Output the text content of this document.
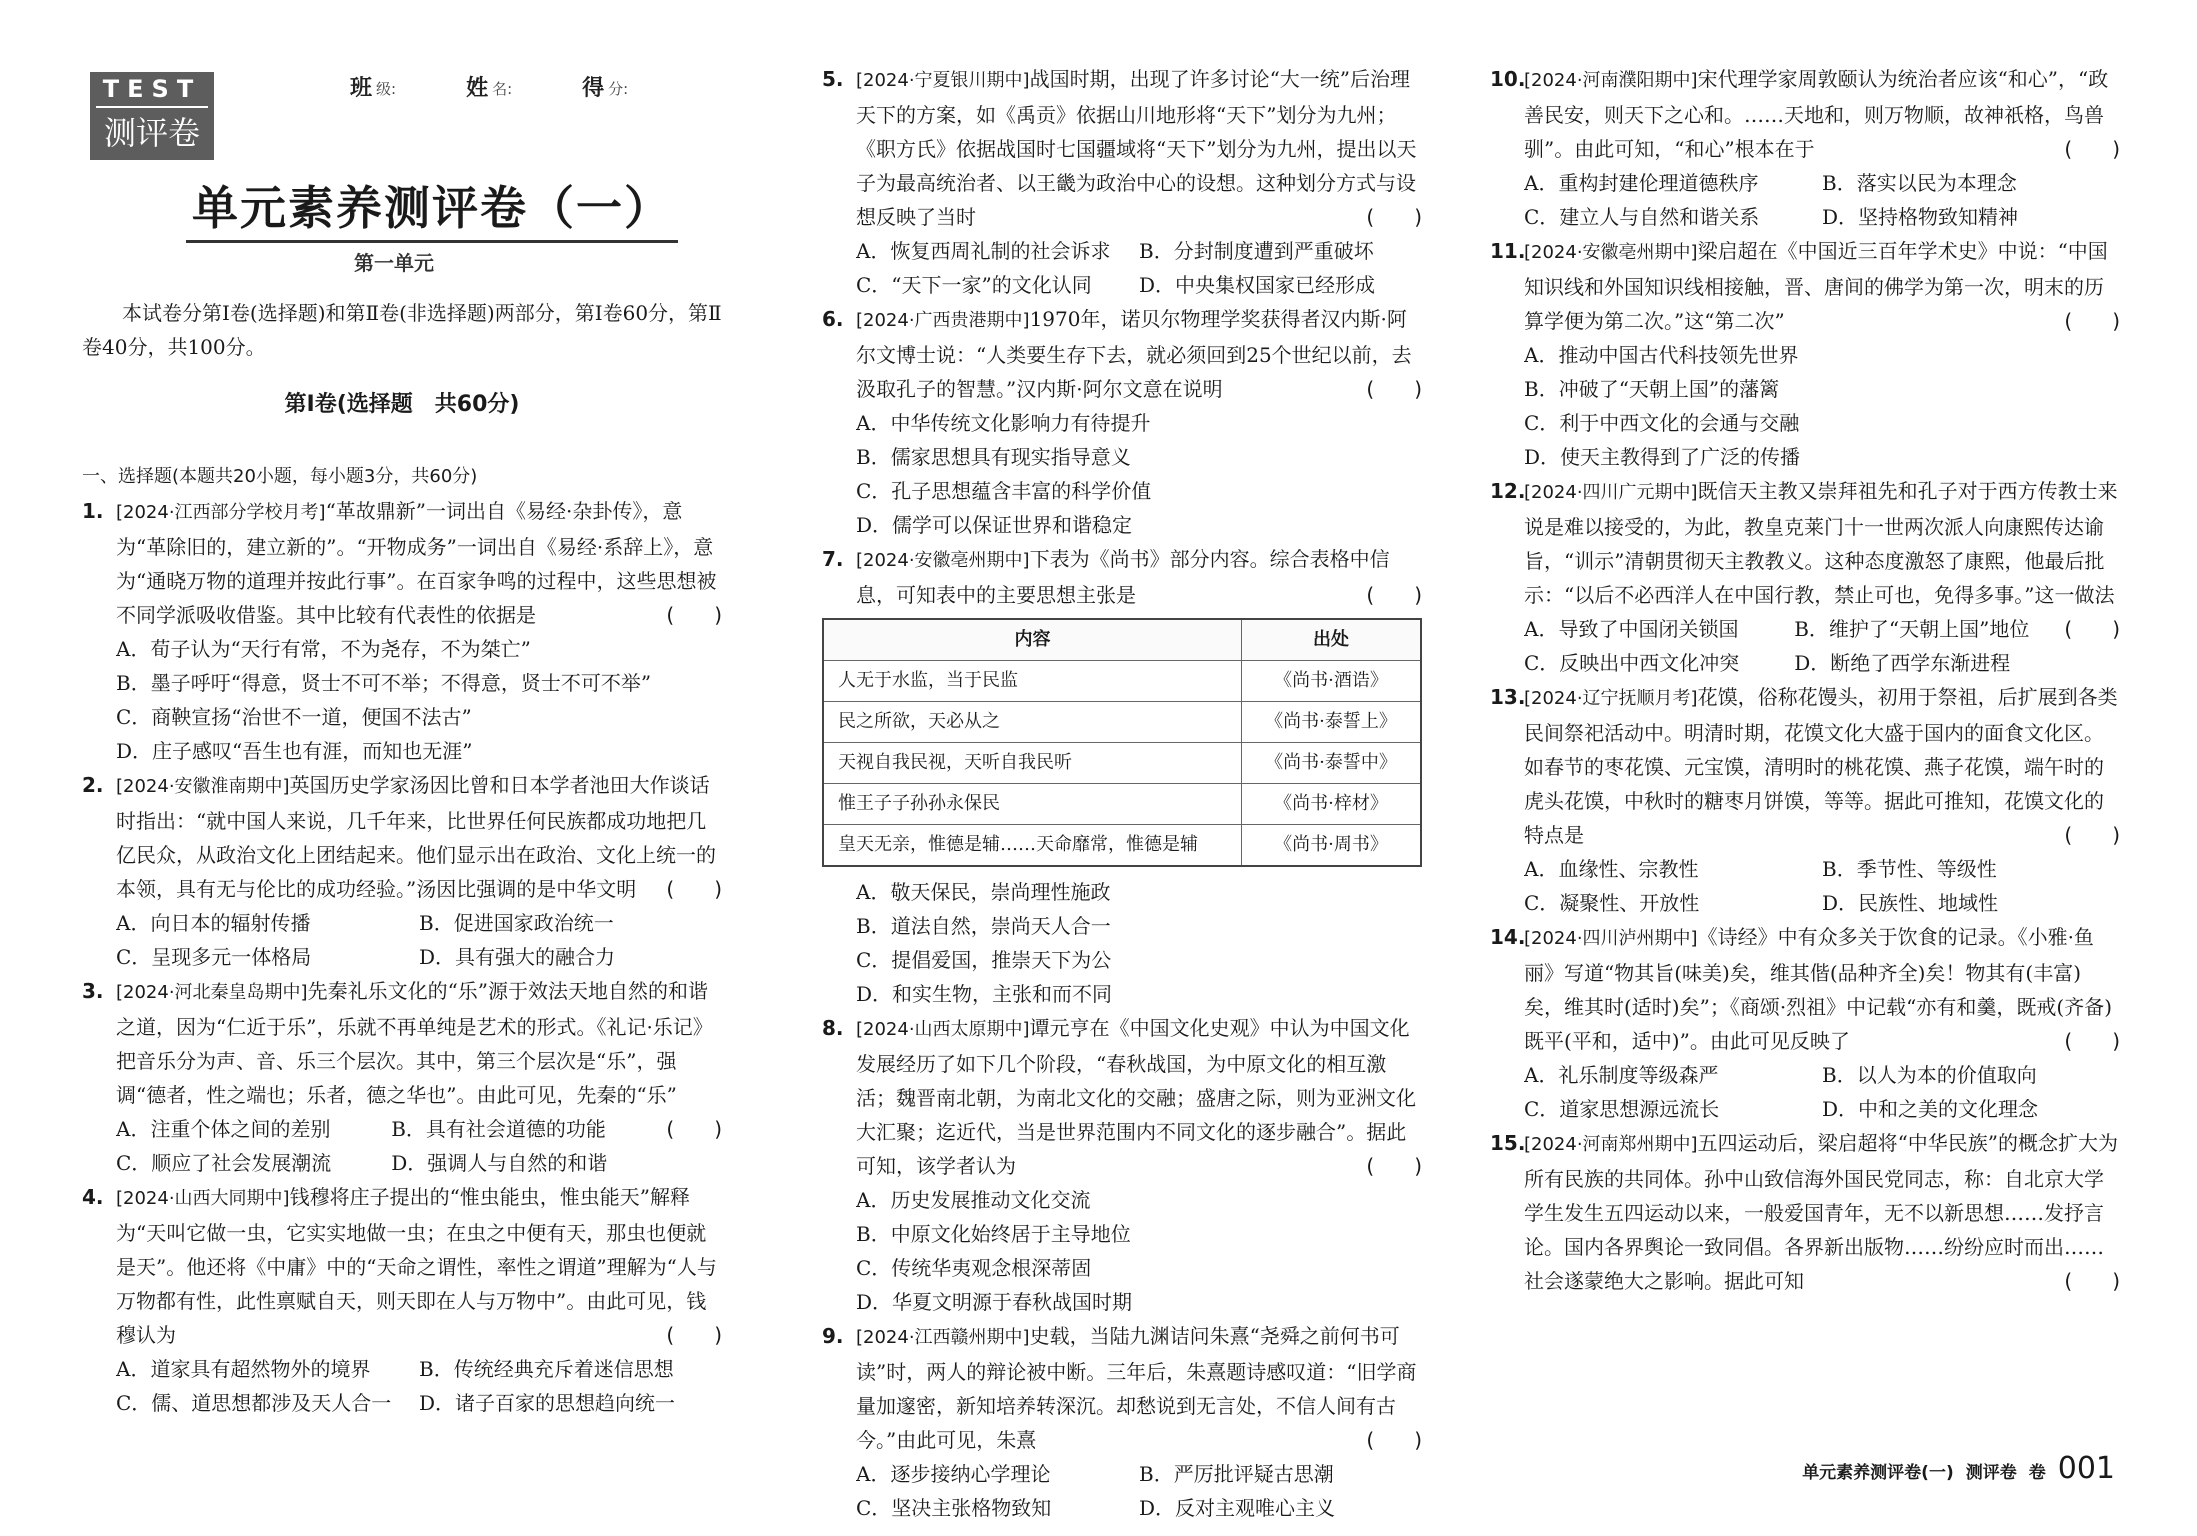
TEST
测评卷
班 级:	姓 名:	得 分:
单元素养测评卷（一）
第一单元
本试卷分第Ⅰ卷(选择题)和第Ⅱ卷(非选择题)两部分，第Ⅰ卷60分，第Ⅱ卷40分，共100分。
第Ⅰ卷(选择题　共60分)
一、选择题(本题共20小题，每小题3分，共60分)
1. [2024·江西部分学校月考]“革故鼎新”一词出自《易经·杂卦传》，意为“革除旧的，建立新的”。“开物成务”一词出自《易经·系辞上》，意为“通晓万物的道理并按此行事”。在百家争鸣的过程中，这些思想被不同学派吸收借鉴。其中比较有代表性的依据是	(　　)
A．荀子认为“天行有常，不为尧存，不为桀亡”
B．墨子呼吁“得意，贤士不可不举；不得意，贤士不可不举”
C．商鞅宣扬“治世不一道，便国不法古”
D．庄子感叹“吾生也有涯，而知也无涯”
2. [2024·安徽淮南期中]英国历史学家汤因比曾和日本学者池田大作谈话时指出：“就中国人来说，几千年来，比世界任何民族都成功地把几亿民众，从政治文化上团结起来。他们显示出在政治、文化上统一的本领，具有无与伦比的成功经验。”汤因比强调的是中华文明 (　　)
A．向日本的辐射传播	B．促进国家政治统一
C．呈现多元一体格局	D．具有强大的融合力
3. [2024·河北秦皇岛期中]先秦礼乐文化的“乐”源于效法天地自然的和谐之道，因为“仁近于乐”，乐就不再单纯是艺术的形式。《礼记·乐记》把音乐分为声、音、乐三个层次。其中，第三个层次是“乐”，强调“德者，性之端也；乐者，德之华也”。由此可见，先秦的“乐”
(　　)
A．注重个体之间的差别	B．具有社会道德的功能
C．顺应了社会发展潮流	D．强调人与自然的和谐
4. [2024·山西大同期中]钱穆将庄子提出的“惟虫能虫，惟虫能天”解释为“天叫它做一虫，它实实地做一虫；在虫之中便有天，那虫也便就是天”。他还将《中庸》中的“天命之谓性，率性之谓道”理解为“人与万物都有性，此性禀赋自天，则天即在人与万物中”。由此可见，钱穆认为	(　　)
A．道家具有超然物外的境界	B．传统经典充斥着迷信思想
C．儒、道思想都涉及天人合一	D．诸子百家的思想趋向统一
5. [2024·宁夏银川期中]战国时期，出现了许多讨论“大一统”后治理天下的方案，如《禹贡》依据山川地形将“天下”划分为九州；《职方氏》依据战国时七国疆域将“天下”划分为九州，提出以天子为最高统治者、以王畿为政治中心的设想。这种划分方式与设想反映了当时	(　　)
A．恢复西周礼制的社会诉求	B．分封制度遭到严重破坏
C．“天下一家”的文化认同	D．中央集权国家已经形成
6. [2024·广西贵港期中]1970年，诺贝尔物理学奖获得者汉内斯·阿尔文博士说：“人类要生存下去，就必须回到25个世纪以前，去汲取孔子的智慧。”汉内斯·阿尔文意在说明	(　　)
A．中华传统文化影响力有待提升
B．儒家思想具有现实指导意义
C．孔子思想蕴含丰富的科学价值
D．儒学可以保证世界和谐稳定
7. [2024·安徽亳州期中]下表为《尚书》部分内容。综合表格中信息，可知表中的主要思想主张是	(　　)
内容	出处
人无于水监，当于民监	《尚书·酒诰》
民之所欲，天必从之	《尚书·泰誓上》
天视自我民视，天听自我民听	《尚书·泰誓中》
惟王子子孙孙永保民	《尚书·梓材》
皇天无亲，惟德是辅……天命靡常，惟德是辅	《尚书·周书》
A．敬天保民，崇尚理性施政
B．道法自然，崇尚天人合一
C．提倡爱国，推崇天下为公
D．和实生物，主张和而不同
8. [2024·山西太原期中]谭元亨在《中国文化史观》中认为中国文化发展经历了如下几个阶段，“春秋战国，为中原文化的相互激活；魏晋南北朝，为南北文化的交融；盛唐之际，则为亚洲文化大汇聚；迄近代，当是世界范围内不同文化的逐步融合”。据此可知，该学者认为	(　　)
A．历史发展推动文化交流
B．中原文化始终居于主导地位
C．传统华夷观念根深蒂固
D．华夏文明源于春秋战国时期
9. [2024·江西赣州期中]史载，当陆九渊诘问朱熹“尧舜之前何书可读”时，两人的辩论被中断。三年后，朱熹题诗感叹道：“旧学商量加邃密，新知培养转深沉。却愁说到无言处，不信人间有古今。”由此可见，朱熹	(　　)
A．逐步接纳心学理论	B．严厉批评疑古思潮
C．坚决主张格物致知	D．反对主观唯心主义
10.
[2024·河南濮阳期中]宋代理学家周敦颐认为统治者应该“和心”，“政善民安，则天下之心和。……天地和，则万物顺，故神祇格，鸟兽驯”。由此可知，“和心”根本在于	(　　)
A．重构封建伦理道德秩序	B．落实以民为本理念
C．建立人与自然和谐关系	D．坚持格物致知精神
11.
[2024·安徽亳州期中]梁启超在《中国近三百年学术史》中说：“中国知识线和外国知识线相接触，晋、唐间的佛学为第一次，明末的历算学便为第二次。”这“第二次”	(　　)
A．推动中国古代科技领先世界
B．冲破了“天朝上国”的藩篱
C．利于中西文化的会通与交融
D．使天主教得到了广泛的传播
12.
[2024·四川广元期中]既信天主教又崇拜祖先和孔子对于西方传教士来说是难以接受的，为此，教皇克莱门十一世两次派人向康熙传达谕旨，“训示”清朝贯彻天主教教义。这种态度激怒了康熙，他最后批示：“以后不必西洋人在中国行教，禁止可也，免得多事。”这一做法
(　　)
A．导致了中国闭关锁国	B．维护了“天朝上国”地位
C．反映出中西文化冲突	D．断绝了西学东渐进程
13.
[2024·辽宁抚顺月考]花馍，俗称花馒头，初用于祭祖，后扩展到各类民间祭祀活动中。明清时期，花馍文化大盛于国内的面食文化区。如春节的枣花馍、元宝馍，清明时的桃花馍、燕子花馍，端午时的虎头花馍，中秋时的糖枣月饼馍，等等。据此可推知，花馍文化的特点是	(　　)
A．血缘性、宗教性	B．季节性、等级性
C．凝聚性、开放性	D．民族性、地域性
14.
[2024·四川泸州期中]《诗经》中有众多关于饮食的记录。《小雅·鱼丽》写道“物其旨(味美)矣，维其偕(品种齐全)矣！物其有(丰富)矣，维其时(适时)矣”；《商颂·烈祖》中记载“亦有和羹，既戒(齐备)既平(平和，适中)”。由此可见反映了	(　　)
A．礼乐制度等级森严	B．以人为本的价值取向
C．道家思想源远流长	D．中和之美的文化理念
15.
[2024·河南郑州期中]五四运动后，梁启超将“中华民族”的概念扩大为所有民族的共同体。孙中山致信海外国民党同志，称：自北京大学学生发生五四运动以来，一般爱国青年，无不以新思想……发抒言论。国内各界舆论一致同倡。各界新出版物……纷纷应时而出……社会遂蒙绝大之影响。据此可知	(　　)
单元素养测评卷(一) 测评卷 卷 001
